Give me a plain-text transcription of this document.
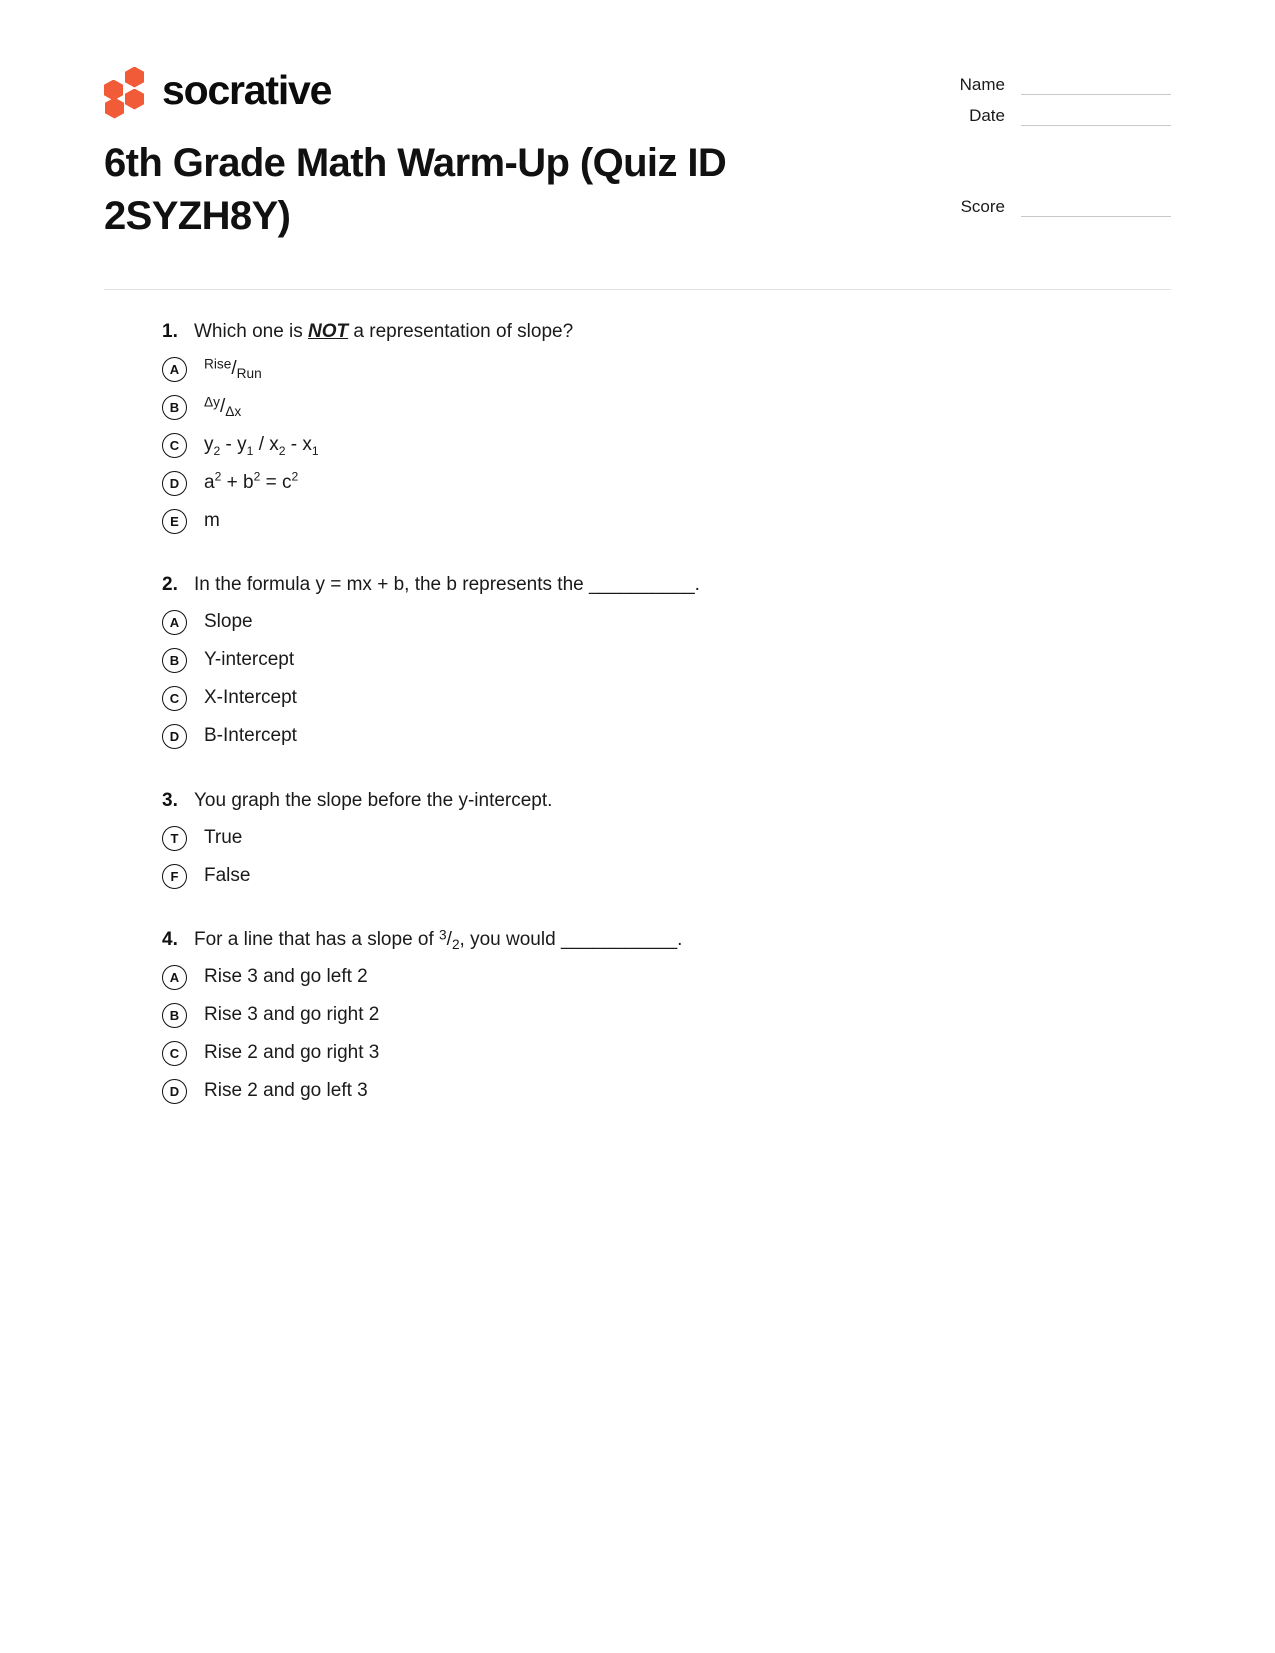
socrative	Name
Date
Score
6th Grade Math Warm-Up (Quiz ID 2SYZH8Y)
1. Which one is NOT a representation of slope?
A	$^{Rise}/_{Run}$
B	$^{\Delta y}/_{\Delta x}$
C	$y_2 - y_1 / x_2 - x_1$
D	$a^2 + b^2 = c^2$
E	m
2. In the formula y = mx + b, the b represents the __________.
A	Slope
B	Y-intercept
C	X-Intercept
D	B-Intercept
3. You graph the slope before the y-intercept.
T	True
F	False
4. For a line that has a slope of $^3/_2$, you would ___________.
A	Rise 3 and go left 2
B	Rise 3 and go right 2
C	Rise 2 and go right 3
D	Rise 2 and go left 3
